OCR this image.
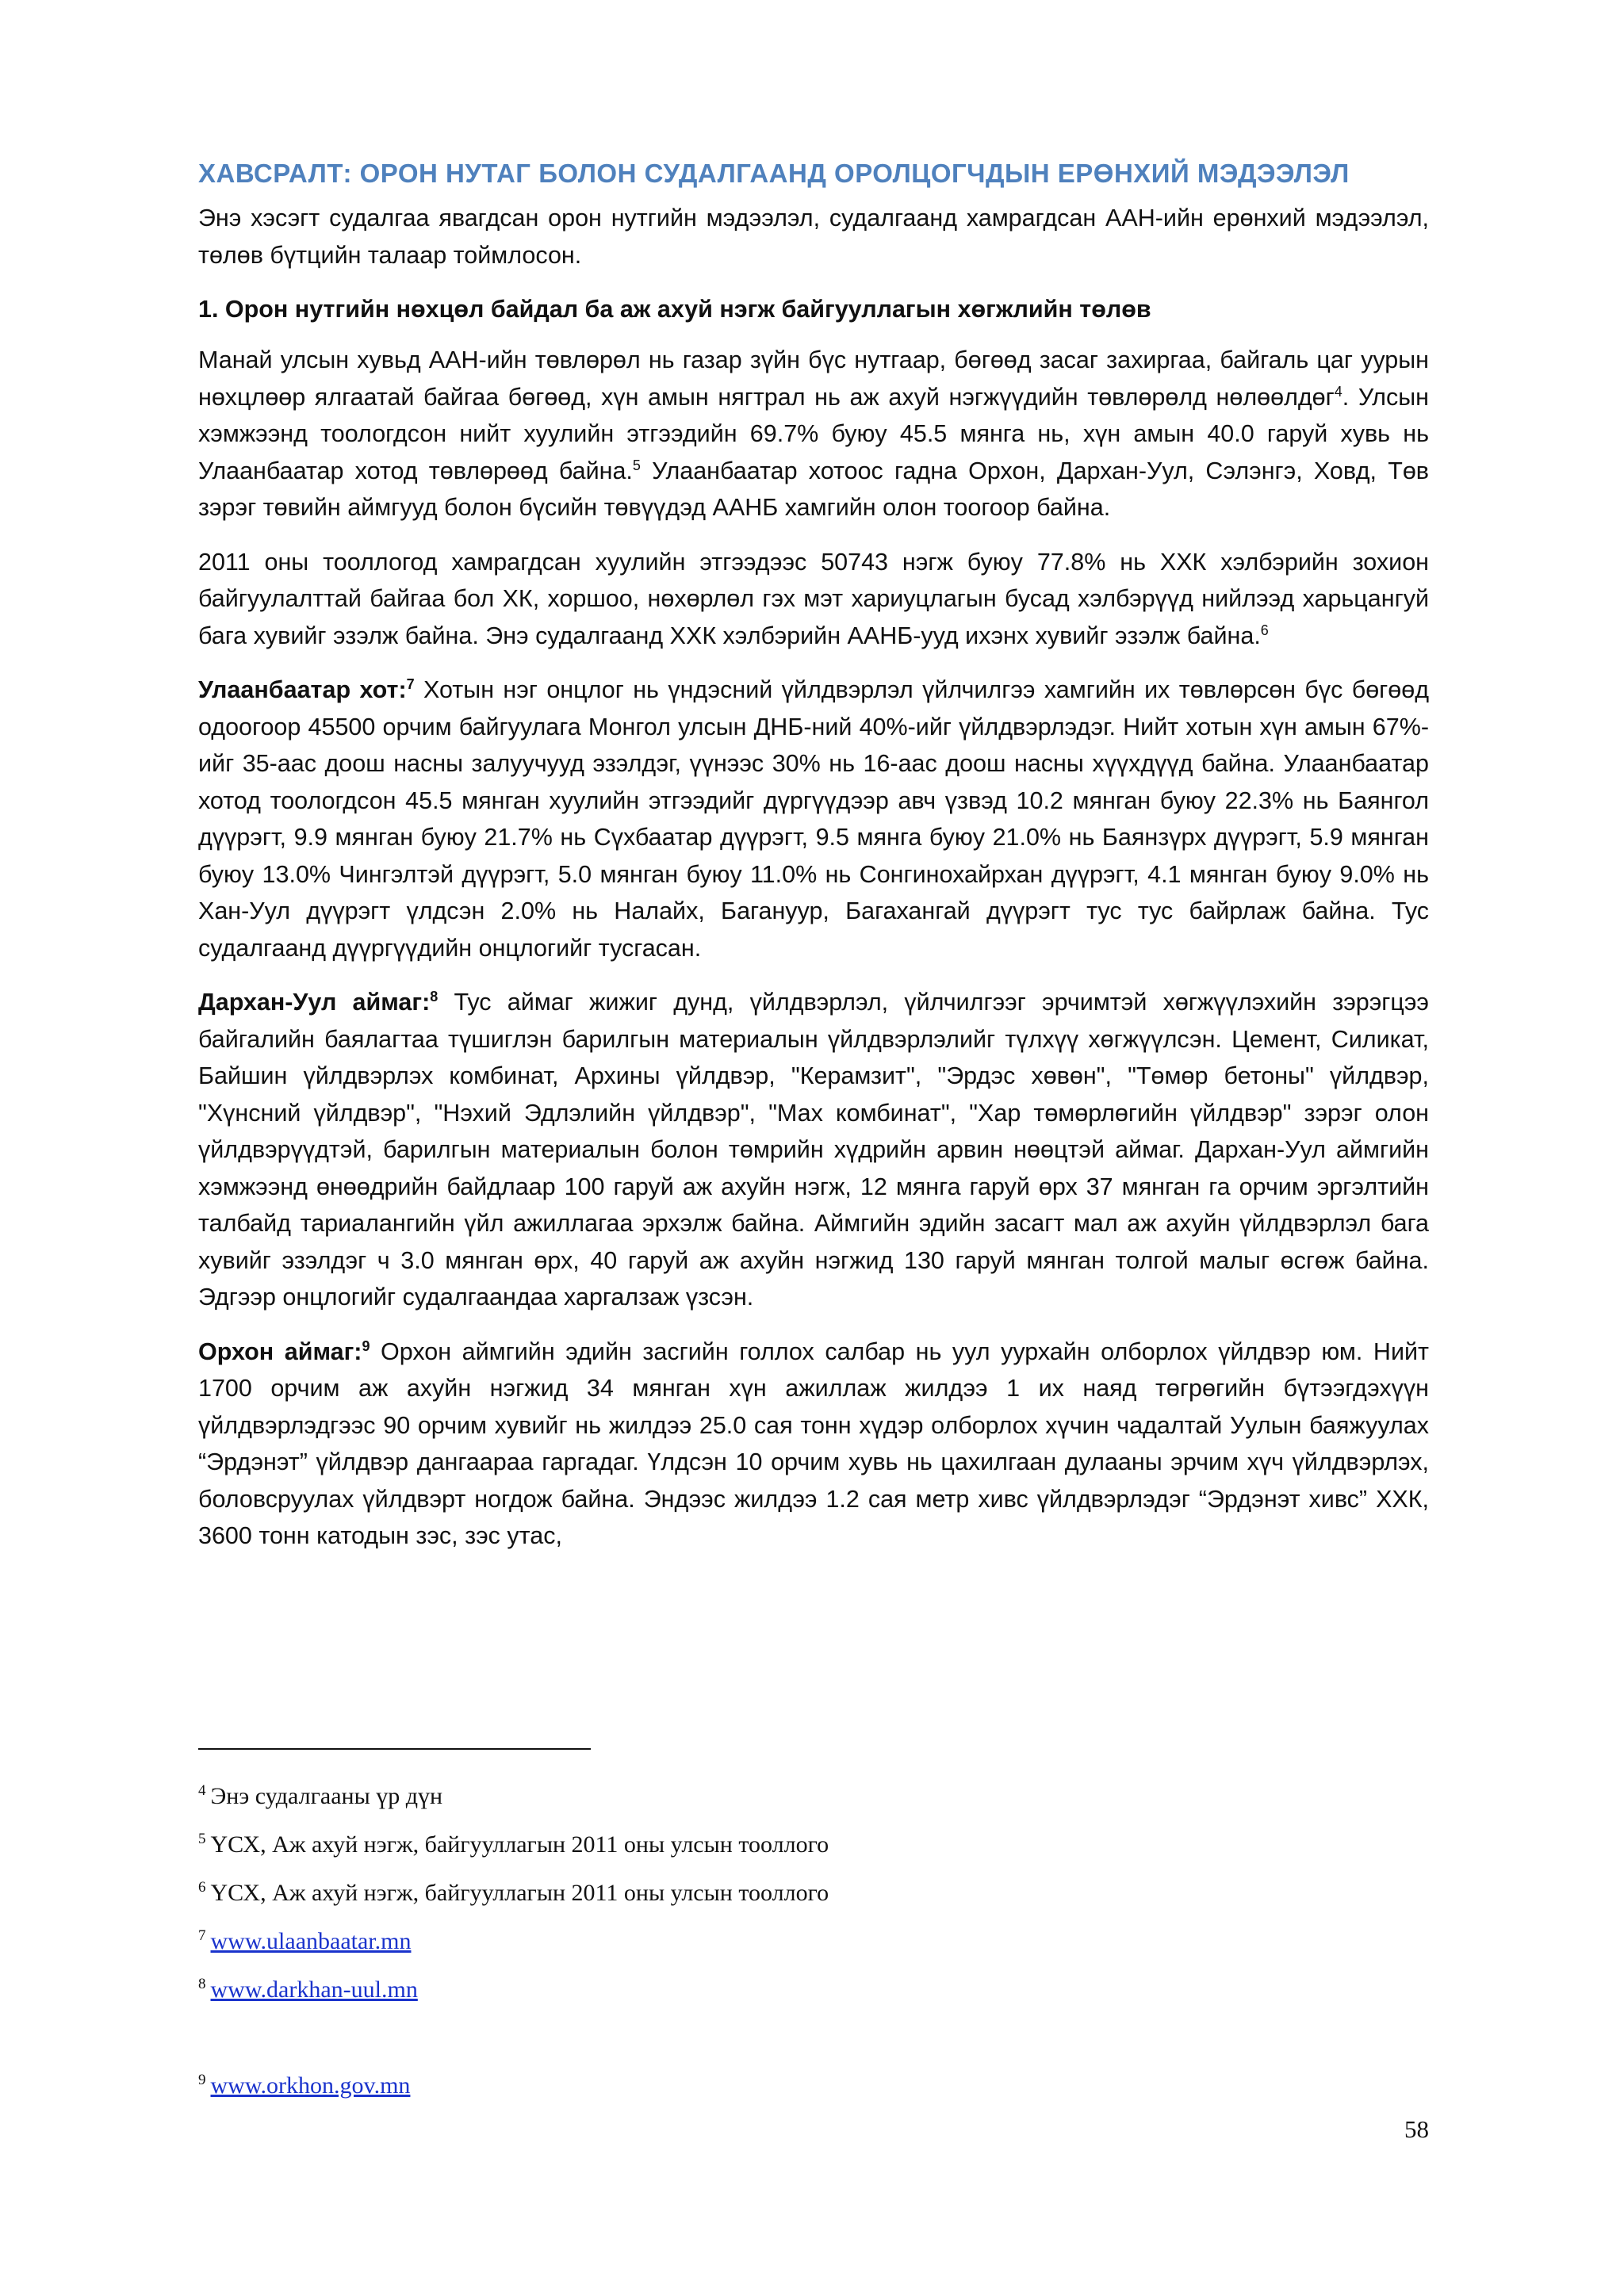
ХАВСРАЛТ: ОРОН НУТАГ БОЛОН СУДАЛГААНД ОРОЛЦОГЧДЫН ЕРӨНХИЙ МЭДЭЭЛЭЛ

Энэ хэсэгт судалгаа явагдсан орон нутгийн мэдээлэл, судалгаанд хамрагдсан ААН-ийн ерөнхий мэдээлэл, төлөв бүтцийн талаар тоймлосон.

1. Орон нутгийн нөхцөл байдал ба аж ахуй нэгж байгууллагын хөгжлийн төлөв

Манай улсын хувьд ААН-ийн төвлөрөл нь газар зүйн бүс нутгаар, бөгөөд засаг захиргаа, байгаль цаг уурын нөхцлөөр ялгаатай байгаа бөгөөд, хүн амын нягтрал нь аж ахуй нэгжүүдийн төвлөрөлд нөлөөлдөг$^4$. Улсын хэмжээнд тоологдсон нийт хуулийн этгээдийн 69.7% буюу 45.5 мянга нь, хүн амын 40.0 гаруй хувь нь Улаанбаатар хотод төвлөрөөд байна.$^5$ Улаанбаатар хотоос гадна Орхон, Дархан-Уул, Сэлэнгэ, Ховд, Төв зэрэг төвийн аймгууд болон бүсийн төвүүдэд ААНБ хамгийн олон тоогоор байна.

2011 оны тооллогод хамрагдсан хуулийн этгээдээс 50743 нэгж буюу 77.8% нь ХХК хэлбэрийн зохион байгуулалттай байгаа бол ХК, хоршоо, нөхөрлөл гэх мэт хариуцлагын бусад хэлбэрүүд нийлээд харьцангуй бага хувийг эзэлж байна. Энэ судалгаанд ХХК хэлбэрийн ААНБ-ууд ихэнх хувийг эзэлж байна.$^6$

Улаанбаатар хот:$^7$ Хотын нэг онцлог нь үндэсний үйлдвэрлэл үйлчилгээ хамгийн их төвлөрсөн бүс бөгөөд одоогоор 45500 орчим байгуулага Монгол улсын ДНБ-ний 40%-ийг үйлдвэрлэдэг. Нийт хотын хүн амын 67%-ийг 35-аас доош насны залуучууд эзэлдэг, үүнээс 30% нь 16-аас доош насны хүүхдүүд байна. Улаанбаатар хотод тоологдсон 45.5 мянган хуулийн этгээдийг дүргүүдээр авч үзвэд 10.2 мянган буюу 22.3% нь Баянгол дүүрэгт, 9.9 мянган буюу 21.7% нь Сүхбаатар дүүрэгт, 9.5 мянга буюу 21.0% нь Баянзүрх дүүрэгт, 5.9 мянган буюу 13.0% Чингэлтэй дүүрэгт, 5.0 мянган буюу 11.0% нь Сонгинохайрхан дүүрэгт, 4.1 мянган буюу 9.0% нь Хан-Уул дүүрэгт үлдсэн 2.0% нь Налайх, Багануур, Багахангай дүүрэгт тус тус байрлаж байна. Тус судалгаанд дүүргүүдийн онцлогийг тусгасан.

Дархан-Уул аймаг:$^8$ Тус аймаг жижиг дунд, үйлдвэрлэл, үйлчилгээг эрчимтэй хөгжүүлэхийн зэрэгцээ байгалийн баялагтаа түшиглэн барилгын материалын үйлдвэрлэлийг түлхүү хөгжүүлсэн. Цемент, Силикат, Байшин үйлдвэрлэх комбинат, Архины үйлдвэр, "Керамзит", "Эрдэс хөвөн", "Төмөр бетоны" үйлдвэр, "Хүнсний үйлдвэр", "Нэхий Эдлэлийн үйлдвэр", "Мах комбинат", "Хар төмөрлөгийн үйлдвэр" зэрэг олон үйлдвэрүүдтэй, барилгын материалын болон төмрийн хүдрийн арвин нөөцтэй аймаг. Дархан-Уул аймгийн хэмжээнд өнөөдрийн байдлаар 100 гаруй аж ахуйн нэгж, 12 мянга гаруй өрх 37 мянган га орчим эргэлтийн талбайд тариалангийн үйл ажиллагаа эрхэлж байна. Аймгийн эдийн засагт мал аж ахуйн үйлдвэрлэл бага хувийг эзэлдэг ч 3.0 мянган өрх, 40 гаруй аж ахуйн нэгжид 130 гаруй мянган толгой малыг өсгөж байна. Эдгээр онцлогийг судалгаандаа харгалзаж үзсэн.

Орхон аймаг:$^9$ Орхон аймгийн эдийн засгийн голлох салбар нь уул уурхайн олборлох үйлдвэр юм. Нийт 1700 орчим аж ахуйн нэгжид 34 мянган хүн ажиллаж жилдээ 1 их наяд төгрөгийн бүтээгдэхүүн үйлдвэрлэдгээс 90 орчим хувийг нь жилдээ 25.0 сая тонн хүдэр олборлох хүчин чадалтай Уулын баяжуулах “Эрдэнэт” үйлдвэр дангаараа гаргадаг. Үлдсэн 10 орчим хувь нь цахилгаан дулааны эрчим хүч үйлдвэрлэх, боловсруулах үйлдвэрт ногдож байна. Эндээс жилдээ 1.2 сая метр хивс үйлдвэрлэдэг “Эрдэнэт хивс” ХХК, 3600 тонн катодын зэс, зэс утас,

$^4$ Энэ судалгааны үр дүн
$^5$ ҮСХ, Аж ахуй нэгж, байгууллагын 2011 оны улсын тооллого
$^6$ ҮСХ, Аж ахуй нэгж, байгууллагын 2011 оны улсын тооллого
$^7$ www.ulaanbaatar.mn
$^8$ www.darkhan-uul.mn
$^9$ www.orkhon.gov.mn
58
